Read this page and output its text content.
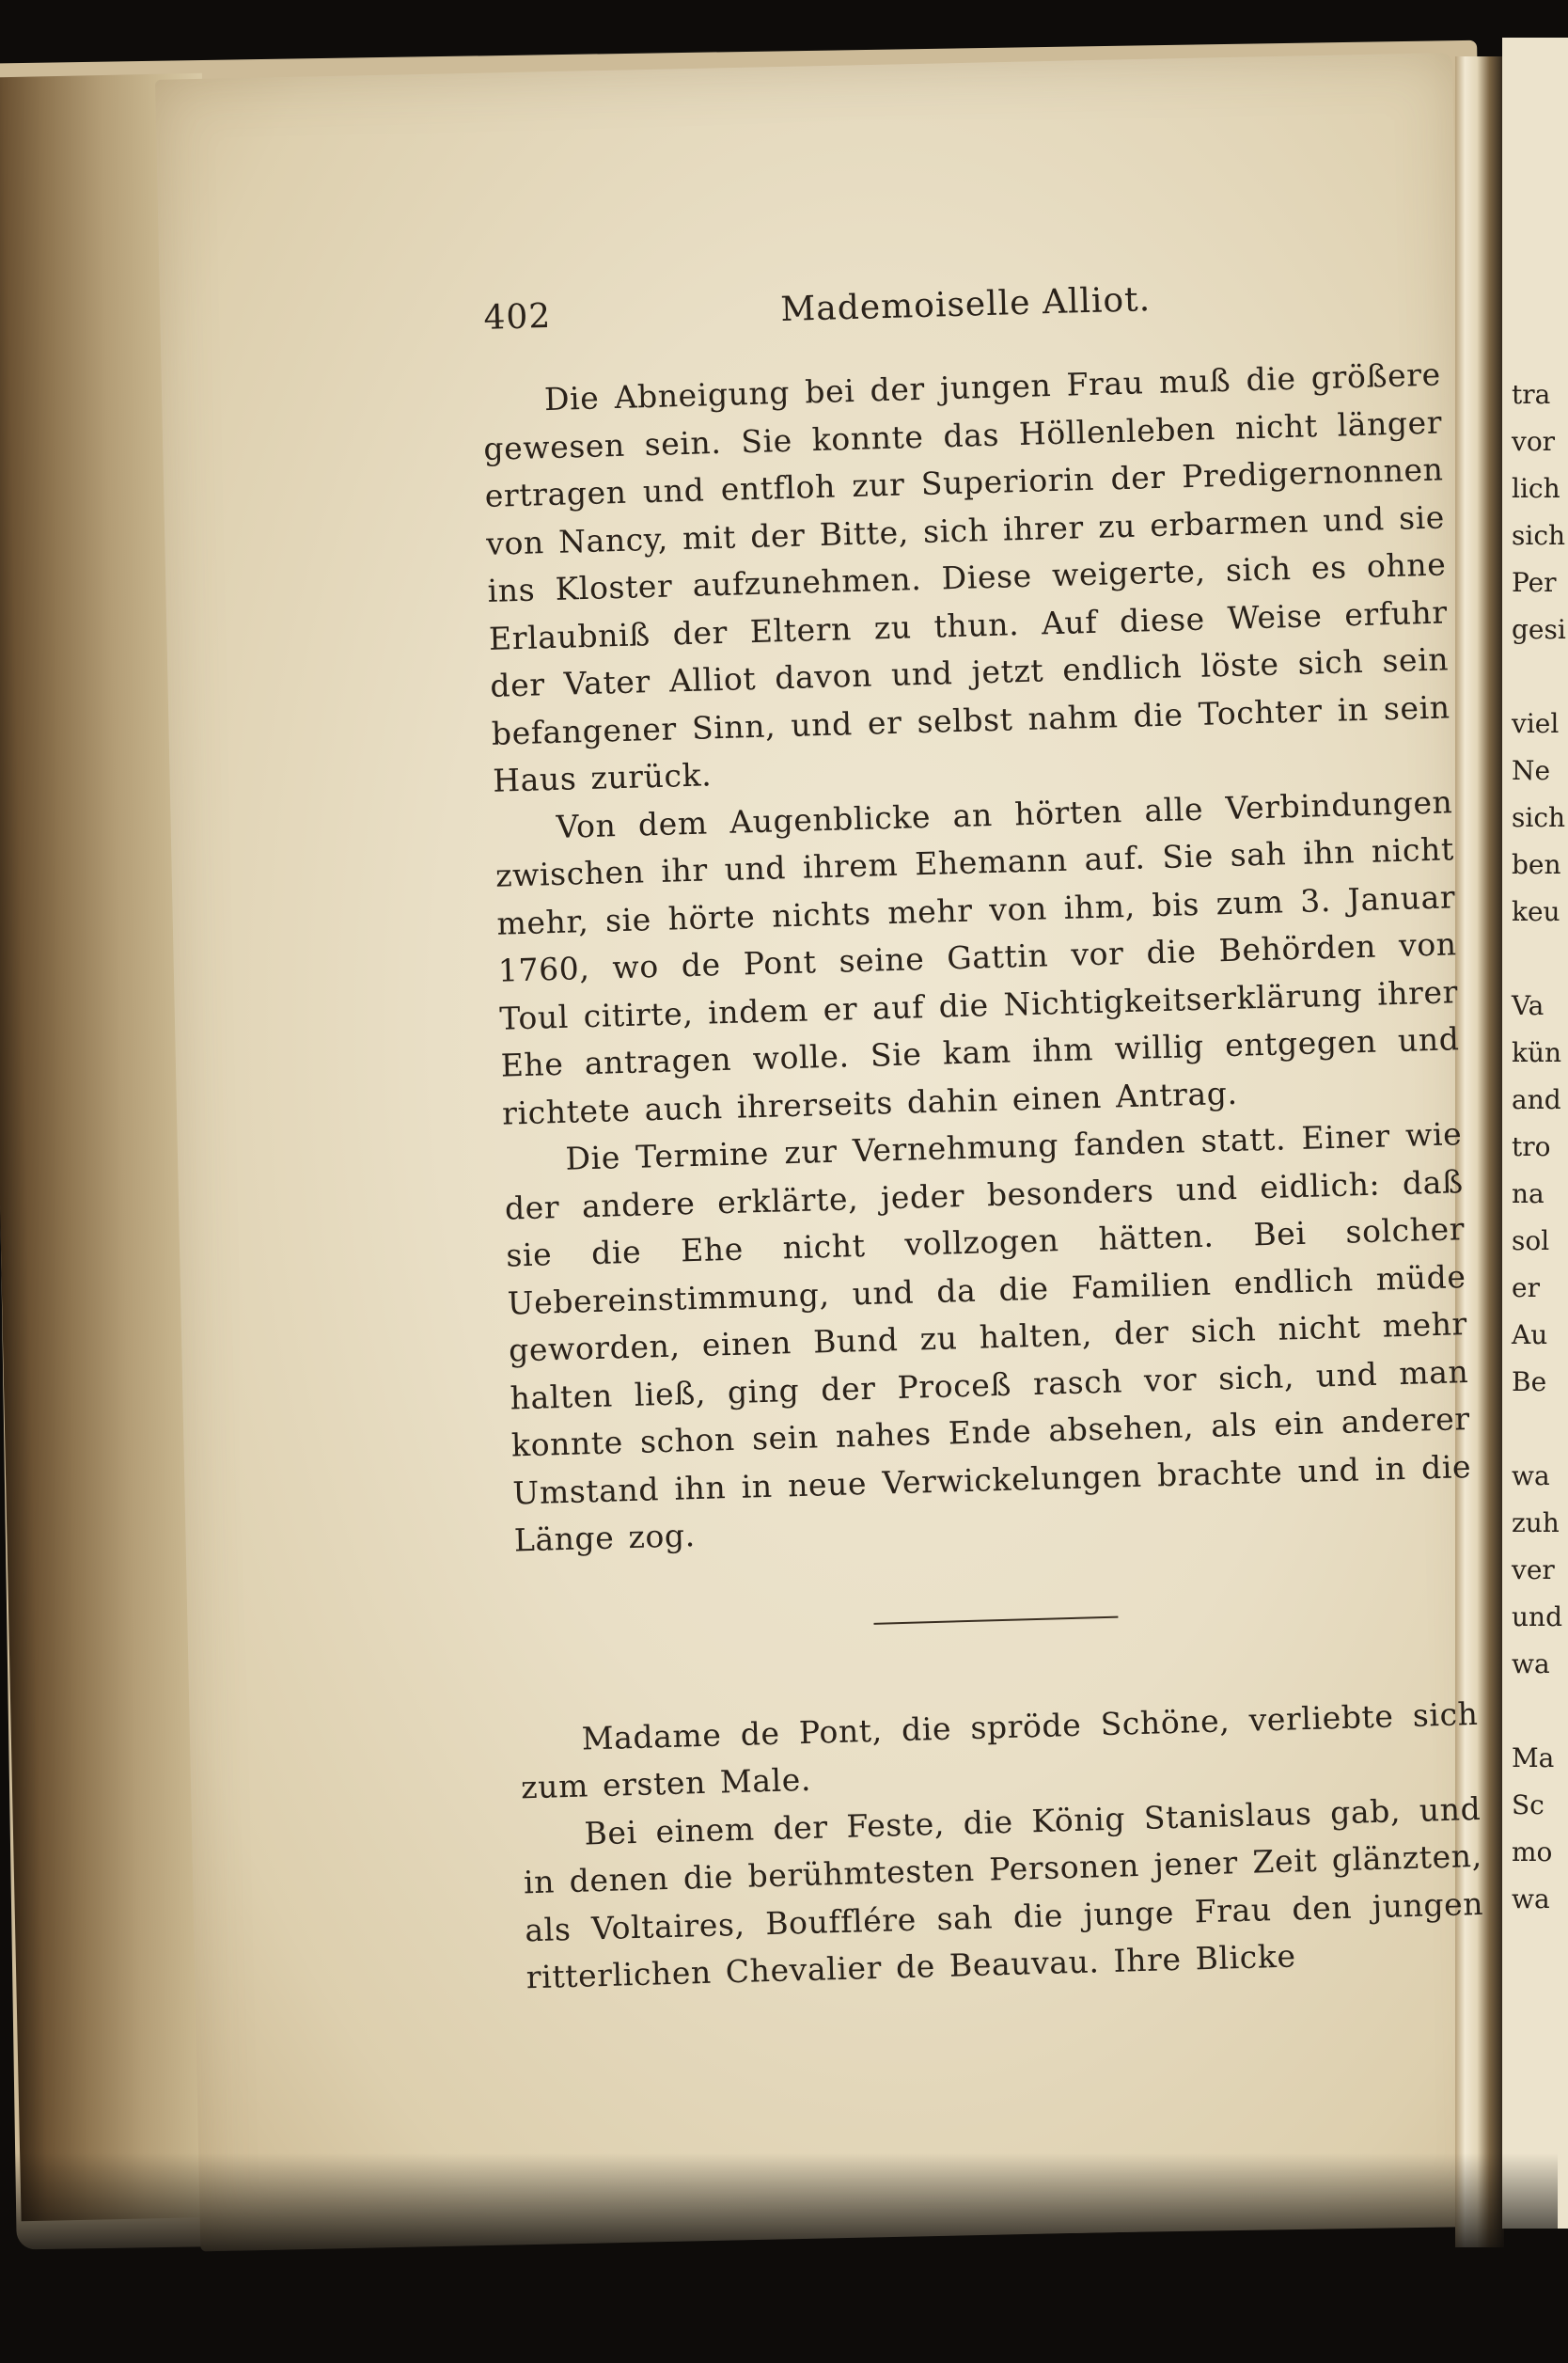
402	Mademoiselle Alliot.

Die Abneigung bei der jungen Frau muß die größere gewesen sein. Sie konnte das Höllenleben nicht länger ertragen und entfloh zur Superiorin der Predigernonnen von Nancy, mit der Bitte, sich ihrer zu erbarmen und sie ins Kloster aufzunehmen. Diese weigerte, sich es ohne Erlaubniß der Eltern zu thun. Auf diese Weise erfuhr der Vater Alliot davon und jetzt endlich löste sich sein befangener Sinn, und er selbst nahm die Tochter in sein Haus zurück.

Von dem Augenblicke an hörten alle Verbindungen zwischen ihr und ihrem Ehemann auf. Sie sah ihn nicht mehr, sie hörte nichts mehr von ihm, bis zum 3. Januar 1760, wo de Pont seine Gattin vor die Behörden von Toul citirte, indem er auf die Nichtigkeitserklärung ihrer Ehe antragen wolle. Sie kam ihm willig entgegen und richtete auch ihrerseits dahin einen Antrag.

Die Termine zur Vernehmung fanden statt. Einer wie der andere erklärte, jeder besonders und eidlich: daß sie die Ehe nicht vollzogen hätten. Bei solcher Uebereinstimmung, und da die Familien endlich müde geworden, einen Bund zu halten, der sich nicht mehr halten ließ, ging der Proceß rasch vor sich, und man konnte schon sein nahes Ende absehen, als ein anderer Umstand ihn in neue Verwickelungen brachte und in die Länge zog.

Madame de Pont, die spröde Schöne, verliebte sich zum ersten Male.

Bei einem der Feste, die König Stanislaus gab, und in denen die berühmtesten Personen jener Zeit glänzten, als Voltaires, Boufflére sah die junge Frau den jungen ritterlichen Chevalier de Beauvau. Ihre Blicke

tra
vor
lich
sich
Per
gesi
viel
Ne
sich
ben
keu
Va
kün
and
tro
na
sol
er
Au
Be
wa
zuh
ver
und
wa
Ma
Sc
mo
wa
